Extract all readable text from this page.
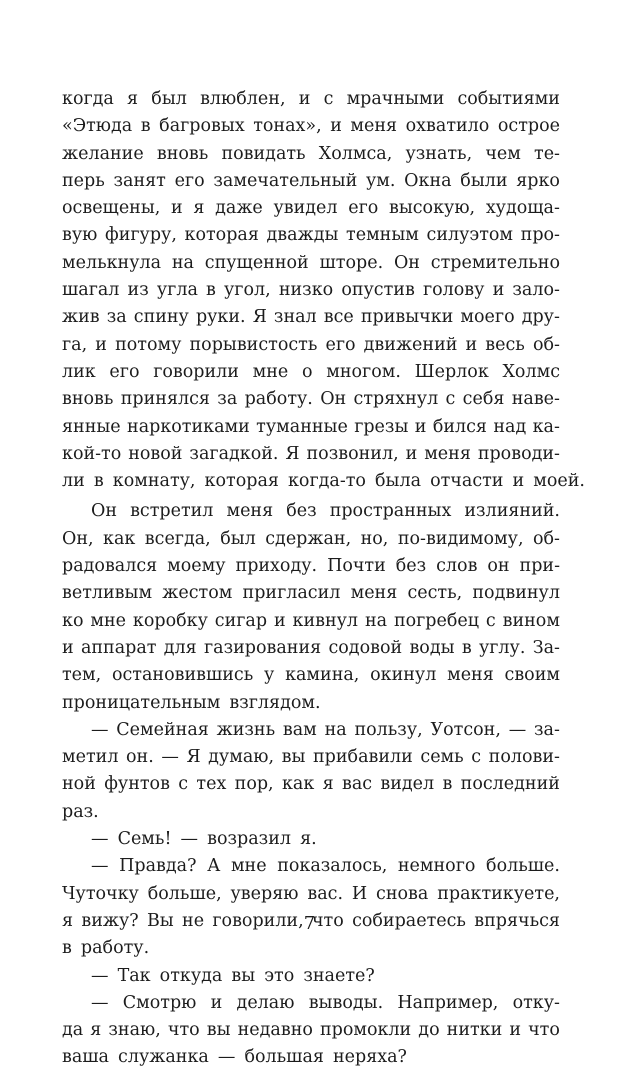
когда я был влюблен, и с мрачными событиями
«Этюда в багровых тонах», и меня охватило острое
желание вновь повидать Холмса, узнать, чем те-
перь занят его замечательный ум. Окна были ярко
освещены, и я даже увидел его высокую, худоща-
вую фигуру, которая дважды темным силуэтом про-
мелькнула на спущенной шторе. Он стремительно
шагал из угла в угол, низко опустив голову и зало-
жив за спину руки. Я знал все привычки моего дру-
га, и потому порывистость его движений и весь об-
лик его говорили мне о многом. Шерлок Холмс
вновь принялся за работу. Он стряхнул с себя наве-
янные наркотиками туманные грезы и бился над ка-
кой-то новой загадкой. Я позвонил, и меня проводи-
ли в комнату, которая когда-то была отчасти и моей.
Он встретил меня без пространных излияний.
Он, как всегда, был сдержан, но, по-видимому, об-
радовался моему приходу. Почти без слов он при-
ветливым жестом пригласил меня сесть, подвинул
ко мне коробку сигар и кивнул на погребец с вином
и аппарат для газирования содовой воды в углу. За-
тем, остановившись у камина, окинул меня своим
проницательным взглядом.
— Семейная жизнь вам на пользу, Уотсон, — за-
метил он. — Я думаю, вы прибавили семь с полови-
ной фунтов с тех пор, как я вас видел в последний
раз.
— Семь! — возразил я.
— Правда? А мне показалось, немного больше.
Чуточку больше, уверяю вас. И снова практикуете,
я вижу? Вы не говорили, что собираетесь впрячься
в работу.
— Так откуда вы это знаете?
— Смотрю и делаю выводы. Например, отку-
да я знаю, что вы недавно промокли до нитки и что
ваша служанка — большая неряха?
7
